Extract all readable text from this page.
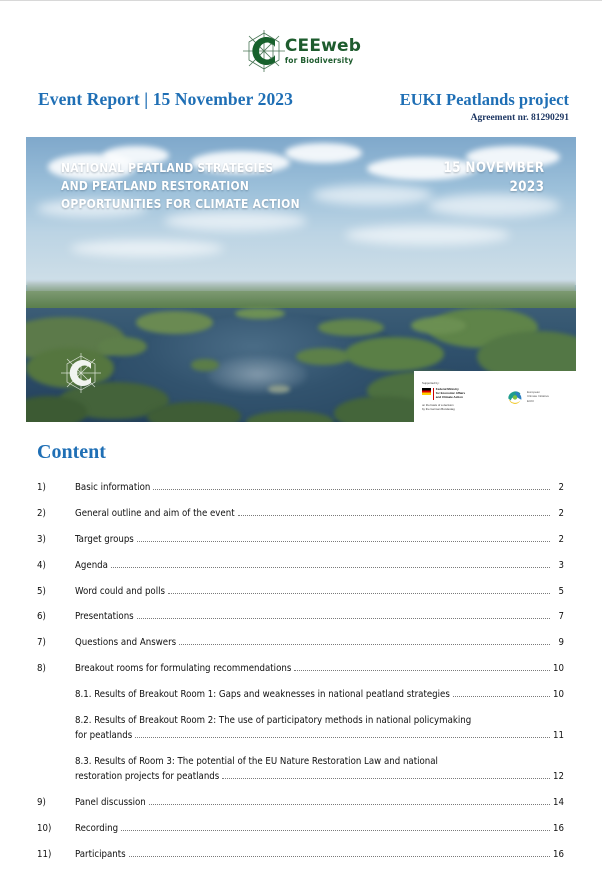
CEEweb
for Biodiversity
Event Report | 15 November 2023	EUKI Peatlands project
Agreement nr. 81290291
NATIONAL PEATLAND STRATEGIES
AND PEATLAND RESTORATION
OPPORTUNITIES FOR CLIMATE ACTION
15 NOVEMBER
2023
Supported by:
Federal Ministry
for Economic Affairs
and Climate Action
on the basis of a decision
by the German Bundestag
European
Climate Initiative
EUKI
Content
1)	Basic information	2
2)	General outline and aim of the event	2
3)	Target groups	2
4)	Agenda	3
5)	Word could and polls	5
6)	Presentations	7
7)	Questions and Answers	9
8)	Breakout rooms for formulating recommendations	10
8.1. Results of Breakout Room 1: Gaps and weaknesses in national peatland strategies	10
8.2. Results of Breakout Room 2: The use of participatory methods in national policymaking
for peatlands	11
8.3. Results of Room 3: The potential of the EU Nature Restoration Law and national
restoration projects for peatlands	12
9)	Panel discussion	14
10)	Recording	16
11)	Participants	16
